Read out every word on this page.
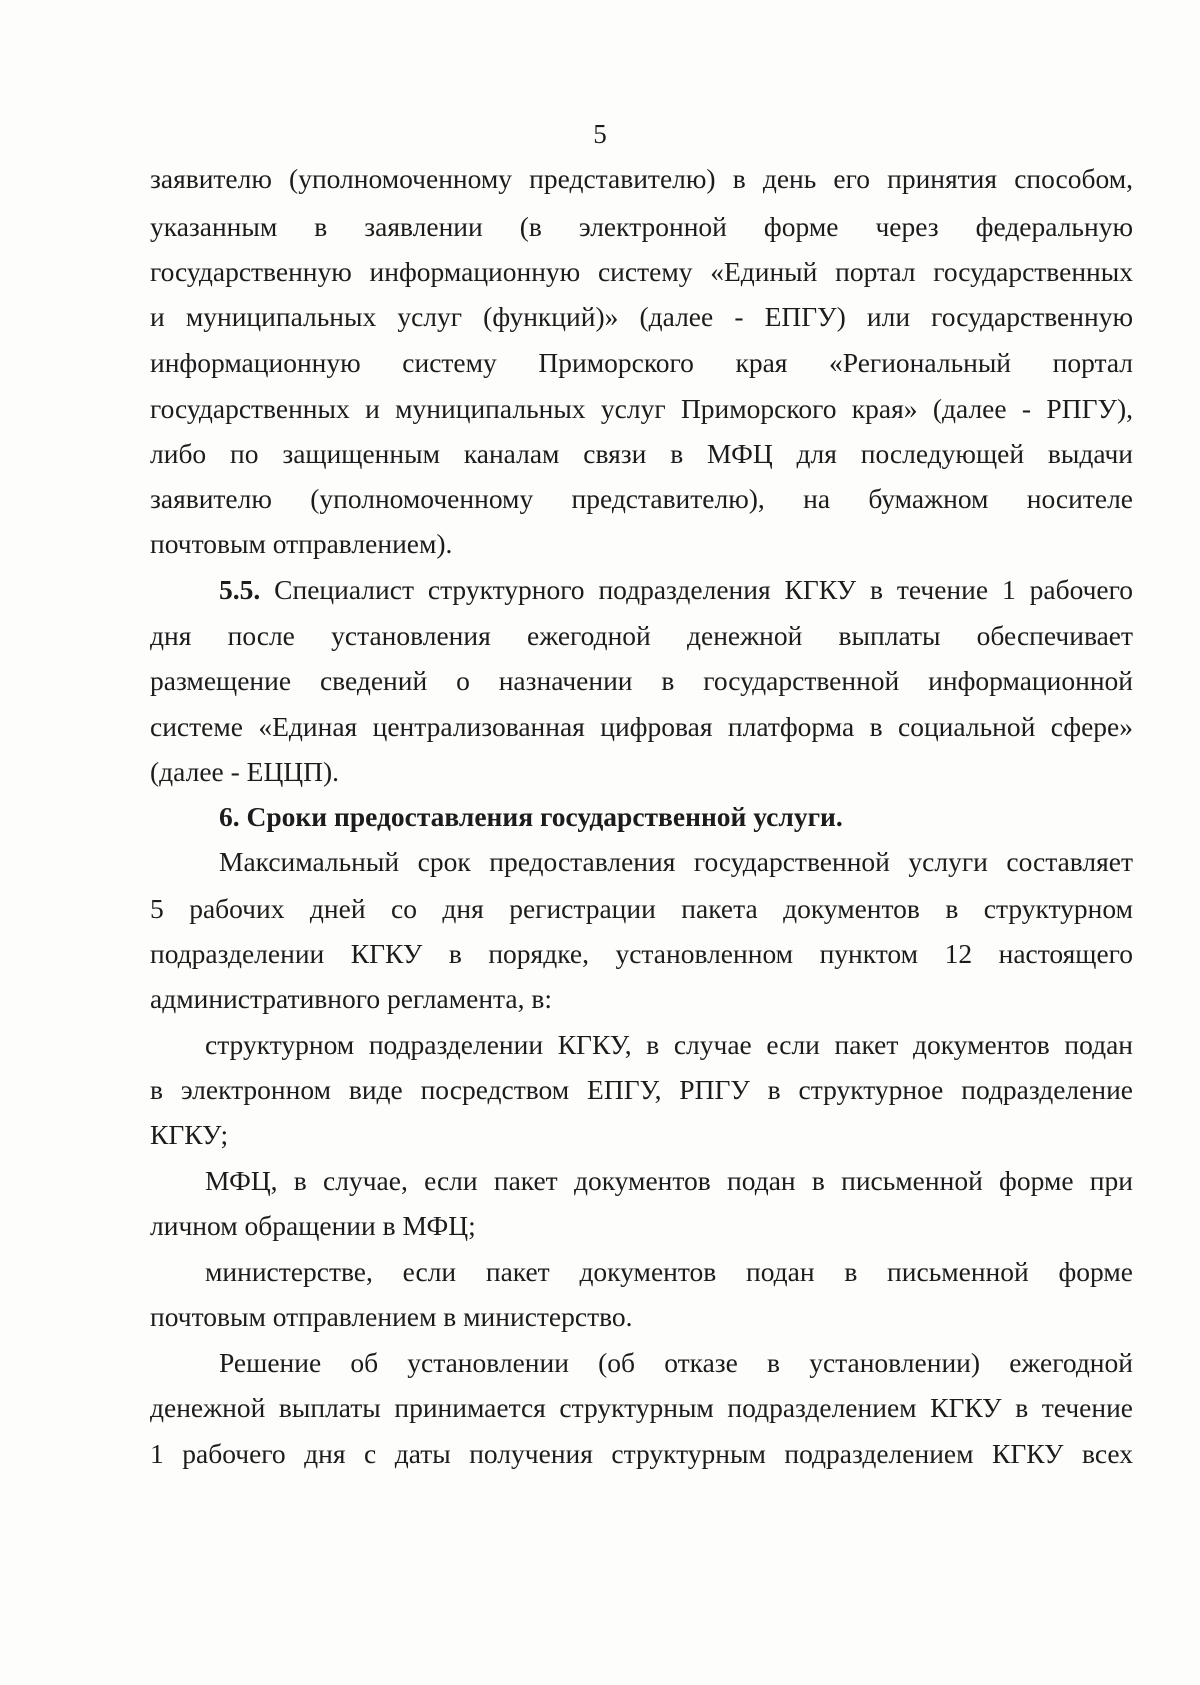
5
заявителю (уполномоченному представителю) в день его принятия способом,
указанным в заявлении (в электронной форме через федеральную
государственную информационную систему «Единый портал государственных
и муниципальных услуг (функций)» (далее - ЕПГУ) или государственную
информационную систему Приморского края «Региональный портал
государственных и муниципальных услуг Приморского края» (далее - РПГУ),
либо по защищенным каналам связи в МФЦ для последующей выдачи
заявителю (уполномоченному представителю), на бумажном носителе
почтовым отправлением).
5.5. Специалист структурного подразделения КГКУ в течение 1 рабочего
дня после установления ежегодной денежной выплаты обеспечивает
размещение сведений о назначении в государственной информационной
системе «Единая централизованная цифровая платформа в социальной сфере»
(далее - ЕЦЦП).
6. Сроки предоставления государственной услуги.
Максимальный срок предоставления государственной услуги составляет
5 рабочих дней со дня регистрации пакета документов в структурном
подразделении КГКУ в порядке, установленном пунктом 12 настоящего
административного регламента, в:
структурном подразделении КГКУ, в случае если пакет документов подан
в электронном виде посредством ЕПГУ, РПГУ в структурное подразделение
КГКУ;
МФЦ, в случае, если пакет документов подан в письменной форме при
личном обращении в МФЦ;
министерстве, если пакет документов подан в письменной форме
почтовым отправлением в министерство.
Решение об установлении (об отказе в установлении) ежегодной
денежной выплаты принимается структурным подразделением КГКУ в течение
1 рабочего дня с даты получения структурным подразделением КГКУ всех
